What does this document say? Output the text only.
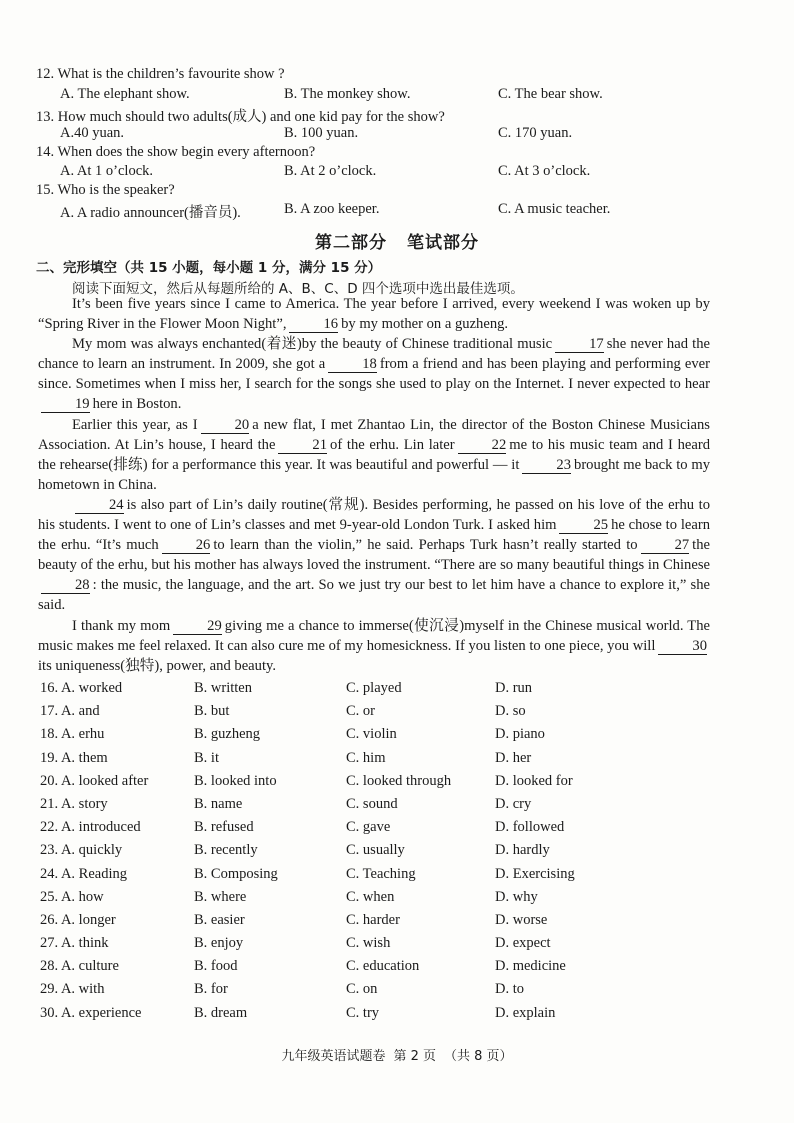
12. What is the children’s favourite show ?
A. The elephant show.	B. The monkey show.	C. The bear show.
13. How much should two adults(成人) and one kid pay for the show?
A.40 yuan.	B. 100 yuan.	C. 170 yuan.
14. When does the show begin every afternoon?
A. At 1 o’clock.	B. At 2 o’clock.	C. At 3 o’clock.
15. Who is the speaker?
A. A radio announcer(播音员).	B. A zoo keeper.	C. A music teacher.
第二部分 笔试部分
二、完形填空（共 15 小题，每小题 1 分，满分 15 分）
阅读下面短文，然后从每题所给的 A、B、C、D 四个选项中选出最佳选项。

It’s been five years since I came to America. The year before I arrived, every weekend I was woken up by “Spring River in the Flower Moon Night”,	16 by my mother on a guzheng.

My mom was always enchanted(着迷)by the beauty of Chinese traditional music	17 she never had the chance to learn an instrument. In 2009, she got a	18 from a friend and has been playing and performing ever since. Sometimes when I miss her, I search for the songs she used to play on the Internet. I never expected to hear19 here in Boston.

Earlier this year, as I	20 a new flat, I met Zhantao Lin, the director of the Boston Chinese Musicians Association. At Lin’s house, I heard the	21 of the erhu. Lin later	22 me to his music team and I heard the rehearse(排练) for a performance this year. It was beautiful and powerful — it	23 brought me back to my hometown in China.

24 is also part of Lin’s daily routine(常规). Besides performing, he passed on his love of the erhu to his students. I went to one of Lin’s classes and met 9-year-old London Turk. I asked him	25 he chose to learn the erhu. “It’s much	26 to learn than the violin,” he said. Perhaps Turk hasn’t really started to	27 the beauty of the erhu, but his mother has always loved the instrument. “There are so many beautiful things in Chinese28 : the music, the language, and the art. So we just try our best to let him have a chance to explore it,” she said.

I thank my mom	29 giving me a chance to immerse(使沉浸)myself in the Chinese musical world. The music makes me feel relaxed. It can also cure me of my homesickness. If you listen to one piece, you will	30its uniqueness(独特), power, and beauty.

16. A. worked	B. written	C. played	D. run
17. A. and	B. but	C. or	D. so
18. A. erhu	B. guzheng	C. violin	D. piano
19. A. them	B. it	C. him	D. her
20. A. looked after	B. looked into	C. looked through	D. looked for
21. A. story	B. name	C. sound	D. cry
22. A. introduced	B. refused	C. gave	D. followed
23. A. quickly	B. recently	C. usually	D. hardly
24. A. Reading	B. Composing	C. Teaching	D. Exercising
25. A. how	B. where	C. when	D. why
26. A. longer	B. easier	C. harder	D. worse
27. A. think	B. enjoy	C. wish	D. expect
28. A. culture	B. food	C. education	D. medicine
29. A. with	B. for	C. on	D. to
30. A. experience	B. dream	C. try	D. explain
九年级英语试题卷 第 2 页 （共 8 页）
